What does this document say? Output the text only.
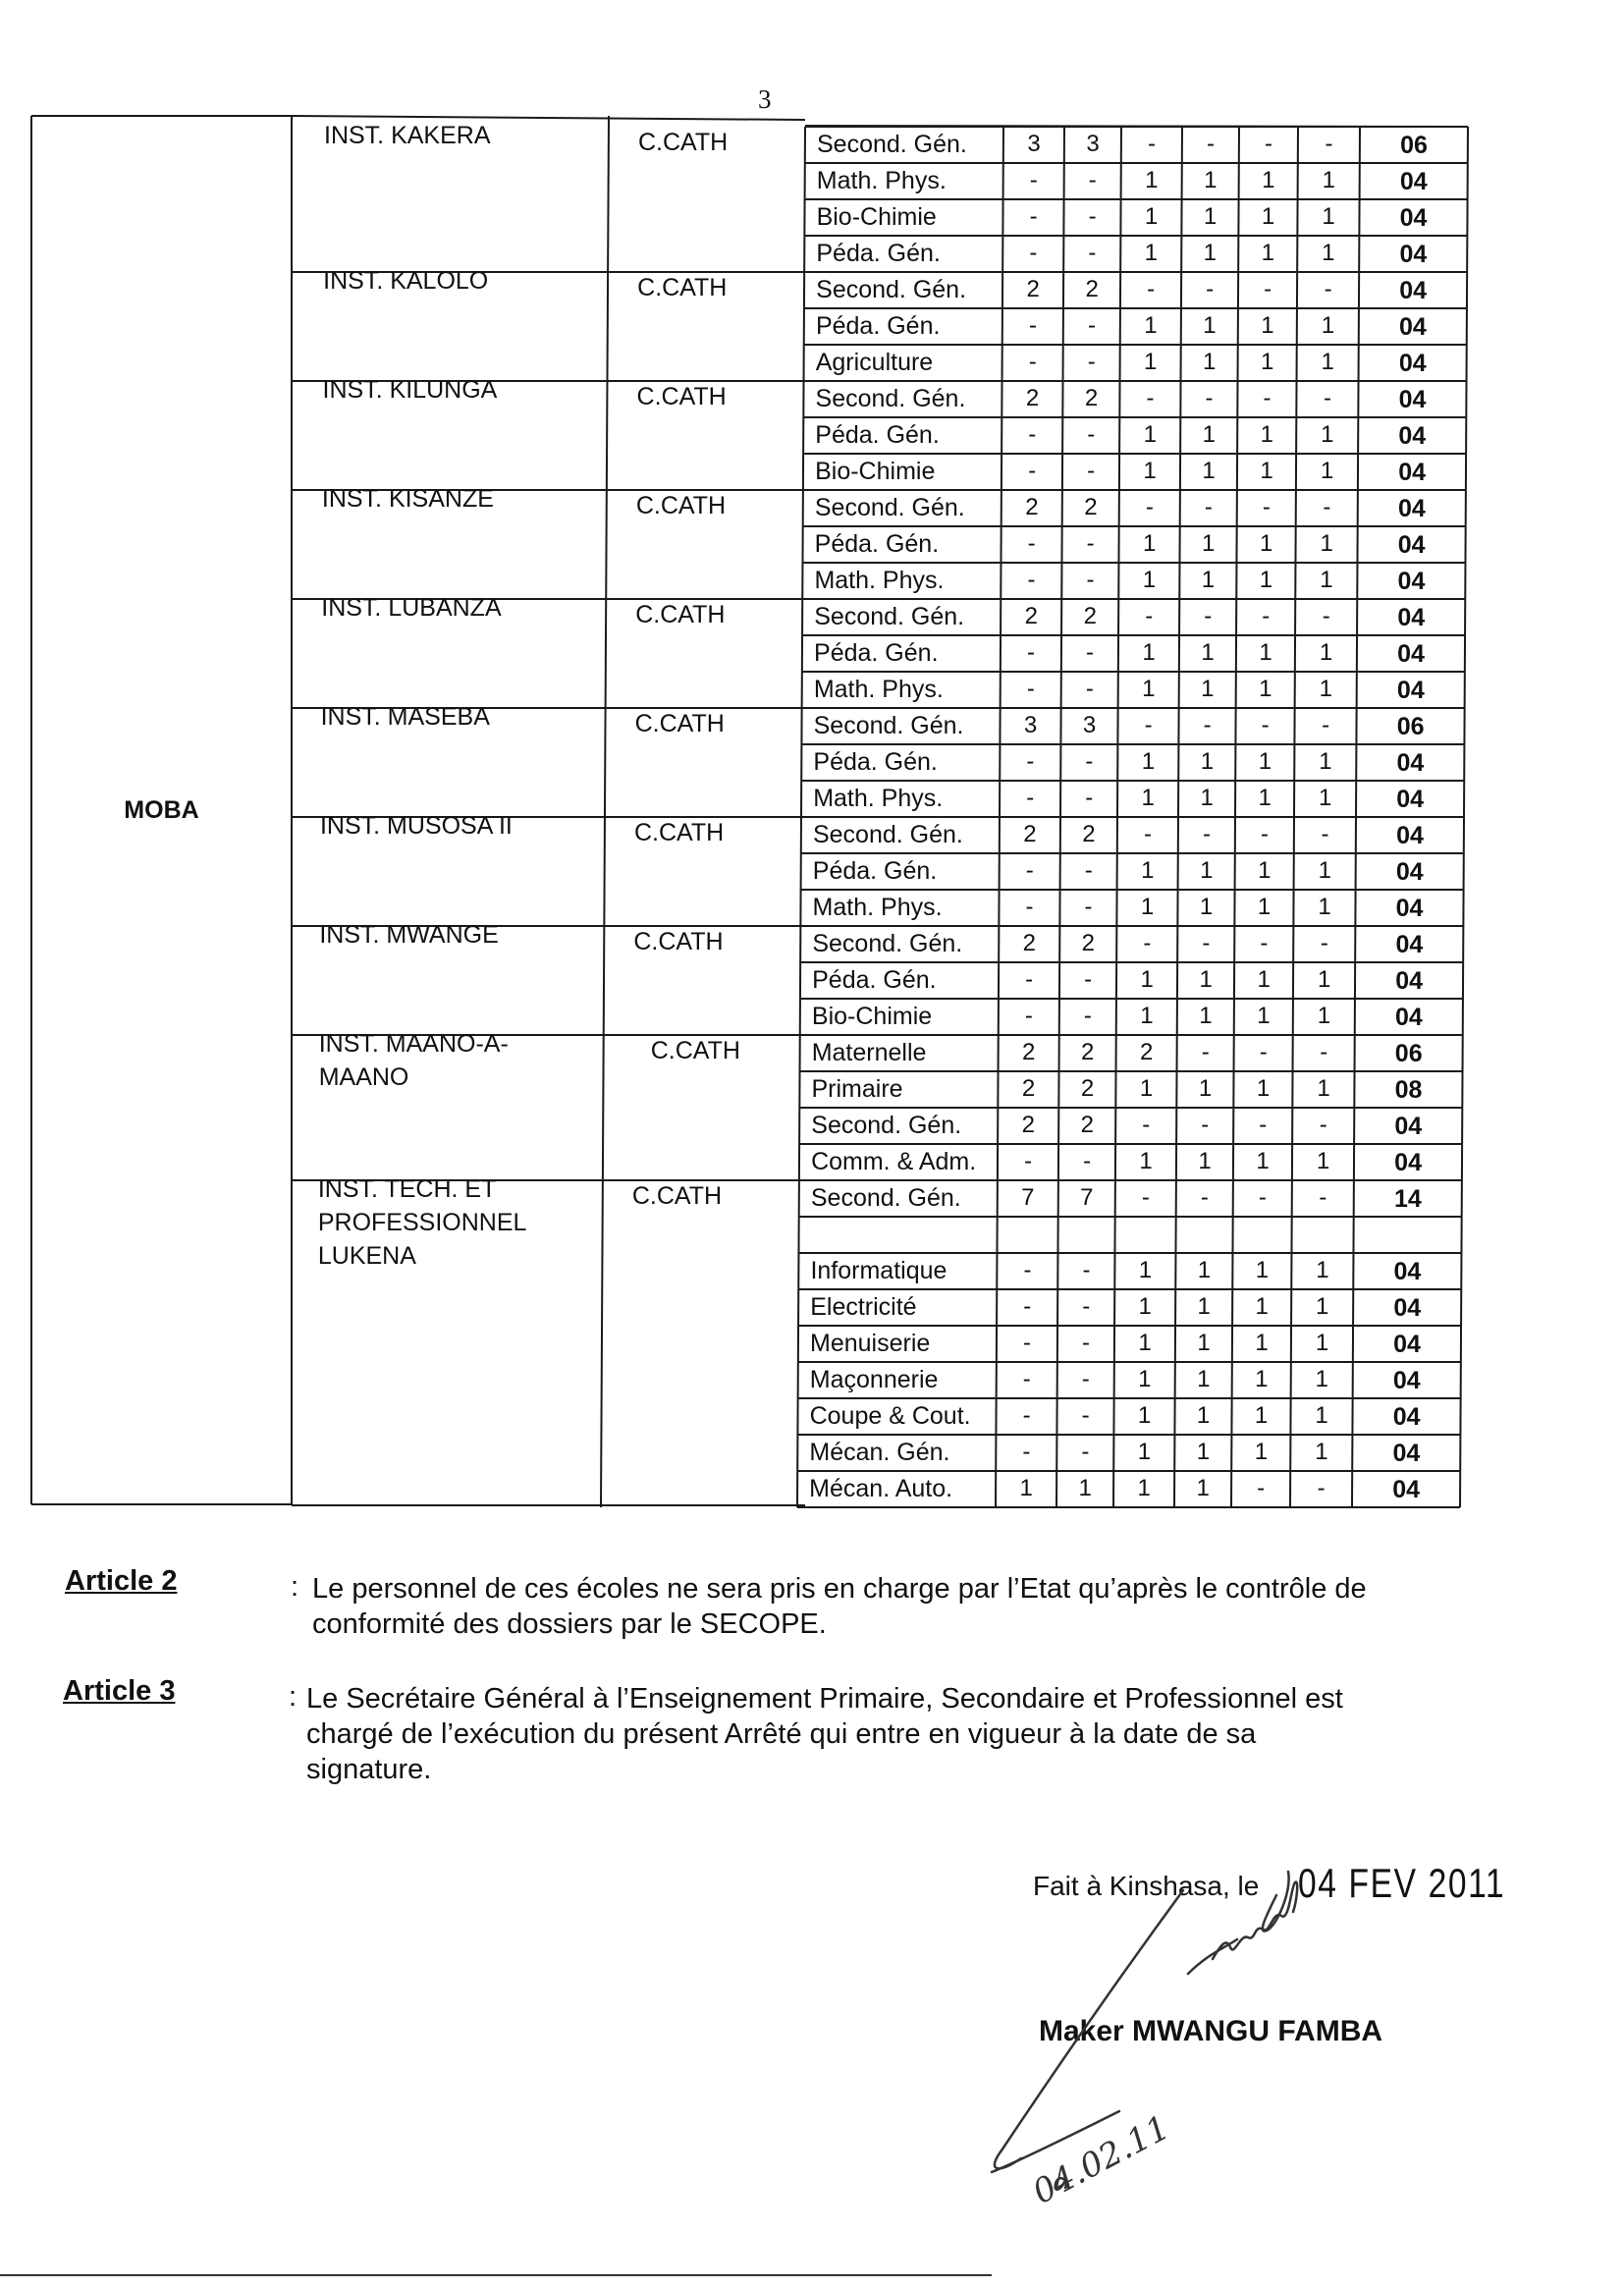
3
Article 2	: Le personnel de ces écoles ne sera pris en charge par l’Etat qu’après le contrôle de conformité des dossiers par le SECOPE.
Article 3	: Le Secrétaire Général à l’Enseignement Primaire, Secondaire et Professionnel est chargé de l’exécution du présent Arrêté qui entre en vigueur à la date de sa signature.
Fait à Kinshasa, le 04 FEV 2011
Maker MWANGU FAMBA
04.02.11
MOBA
INST. KAKERA	C.CATH	Second. Gén.	3	3	-	-	-	-	06
Math. Phys.	-	-	1	1	1	1	04
Bio-Chimie	-	-	1	1	1	1	04
Péda. Gén.	-	-	1	1	1	1	04
INST. KALOLO	C.CATH	Second. Gén.	2	2	-	-	-	-	04
Péda. Gén.	-	-	1	1	1	1	04
Agriculture	-	-	1	1	1	1	04
INST. KILUNGA	C.CATH	Second. Gén.	2	2	-	-	-	-	04
Péda. Gén.	-	-	1	1	1	1	04
Bio-Chimie	-	-	1	1	1	1	04
INST. KISANZE	C.CATH	Second. Gén.	2	2	-	-	-	-	04
Péda. Gén.	-	-	1	1	1	1	04
Math. Phys.	-	-	1	1	1	1	04
INST. LUBANZA	C.CATH	Second. Gén.	2	2	-	-	-	-	04
Péda. Gén.	-	-	1	1	1	1	04
Math. Phys.	-	-	1	1	1	1	04
INST. MASEBA	C.CATH	Second. Gén.	3	3	-	-	-	-	06
Péda. Gén.	-	-	1	1	1	1	04
Math. Phys.	-	-	1	1	1	1	04
INST. MUSOSA II	C.CATH	Second. Gén.	2	2	-	-	-	-	04
Péda. Gén.	-	-	1	1	1	1	04
Math. Phys.	-	-	1	1	1	1	04
INST. MWANGE	C.CATH	Second. Gén.	2	2	-	-	-	-	04
Péda. Gén.	-	-	1	1	1	1	04
Bio-Chimie	-	-	1	1	1	1	04
INST. MAANO-A-
MAANO
C.CATH	Maternelle	2	2	2	-	-	-	06
Primaire	2	2	1	1	1	1	08
Second. Gén.	2	2	-	-	-	-	04
Comm. & Adm.	-	-	1	1	1	1	04
INST. TECH. ET
PROFESSIONNEL
LUKENA
C.CATH	Second. Gén.	7	7	-	-	-	-	14
Informatique	-	-	1	1	1	1	04
Electricité	-	-	1	1	1	1	04
Menuiserie	-	-	1	1	1	1	04
Maçonnerie	-	-	1	1	1	1	04
Coupe & Cout.	-	-	1	1	1	1	04
Mécan. Gén.	-	-	1	1	1	1	04
Mécan. Auto.	1	1	1	1	-	-	04
